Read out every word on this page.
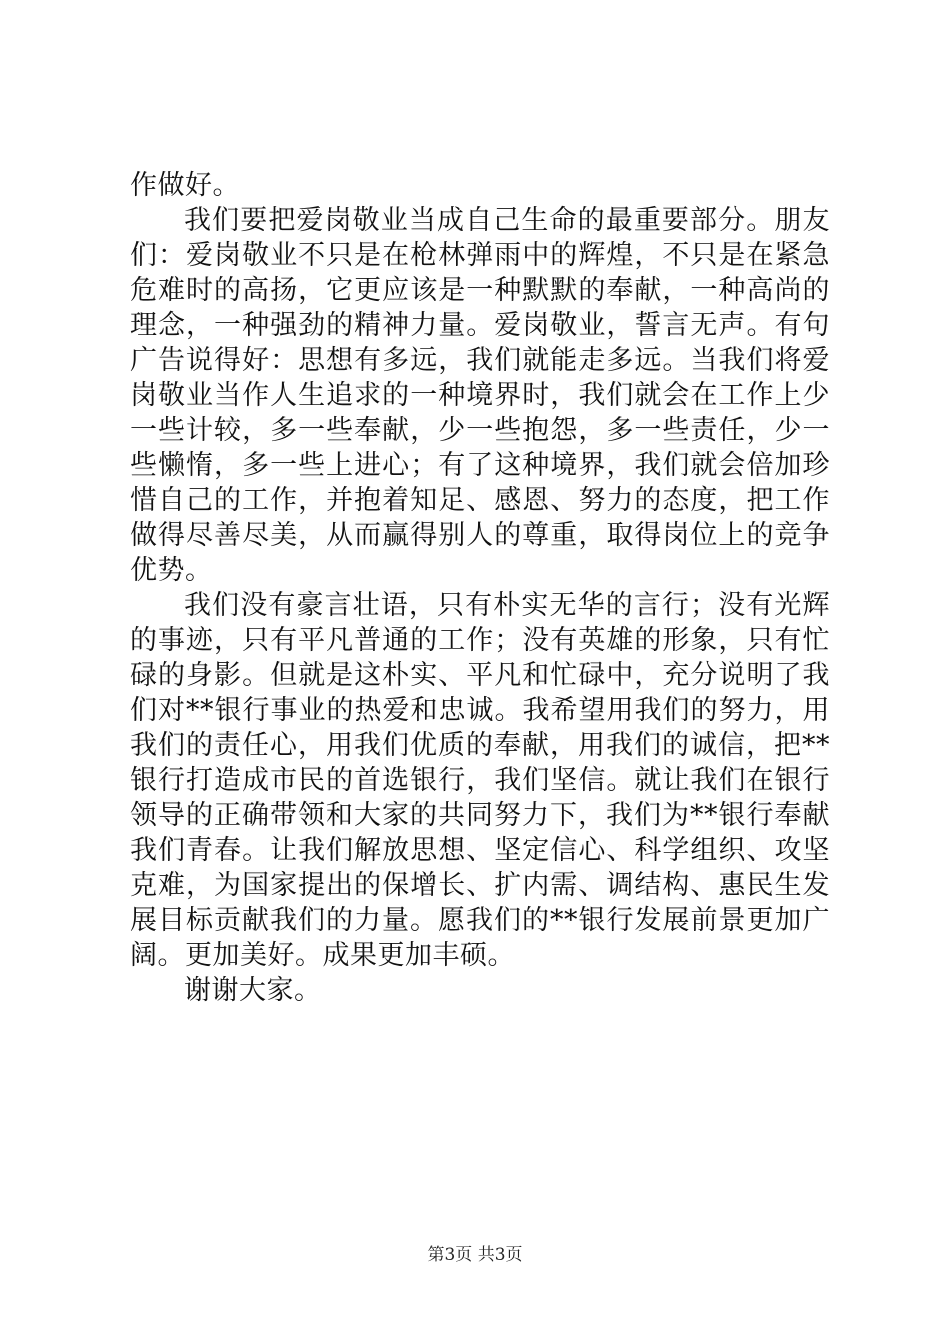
作做好。

我们要把爱岗敬业当成自己生命的最重要部分。朋友们：爱岗敬业不只是在枪林弹雨中的辉煌，不只是在紧急危难时的高扬，它更应该是一种默默的奉献，一种高尚的理念，一种强劲的精神力量。爱岗敬业，誓言无声。有句广告说得好：思想有多远，我们就能走多远。当我们将爱岗敬业当作人生追求的一种境界时，我们就会在工作上少一些计较，多一些奉献，少一些抱怨，多一些责任，少一些懒惰，多一些上进心；有了这种境界，我们就会倍加珍惜自己的工作，并抱着知足、感恩、努力的态度，把工作做得尽善尽美，从而赢得别人的尊重，取得岗位上的竞争优势。

我们没有豪言壮语，只有朴实无华的言行；没有光辉的事迹，只有平凡普通的工作；没有英雄的形象，只有忙碌的身影。但就是这朴实、平凡和忙碌中，充分说明了我们对**银行事业的热爱和忠诚。我希望用我们的努力，用我们的责任心，用我们优质的奉献，用我们的诚信，把**银行打造成市民的首选银行，我们坚信。就让我们在银行领导的正确带领和大家的共同努力下，我们为**银行奉献我们青春。让我们解放思想、坚定信心、科学组织、攻坚克难，为国家提出的保增长、扩内需、调结构、惠民生发展目标贡献我们的力量。愿我们的**银行发展前景更加广阔。更加美好。成果更加丰硕。

谢谢大家。

第3页 共3页
